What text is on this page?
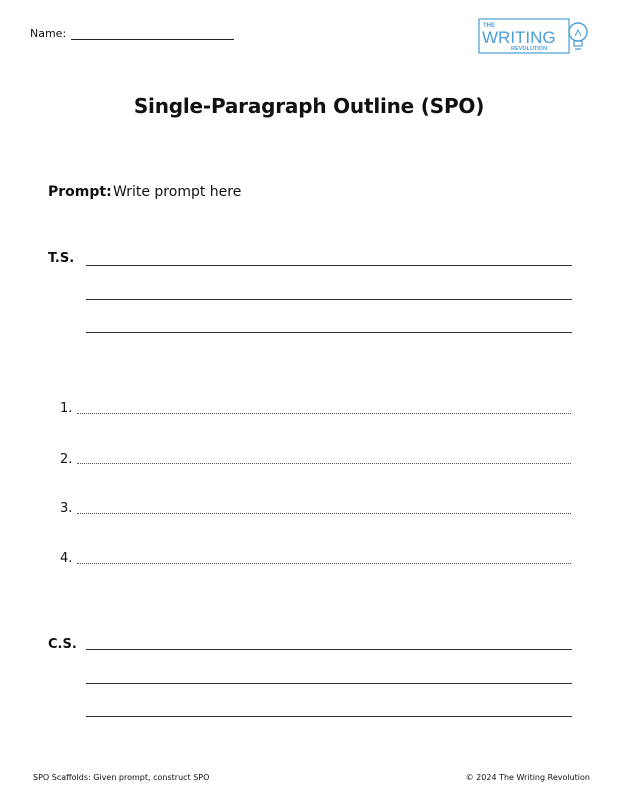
Name:
THE
WRITING
REVOLUTION
Single-Paragraph Outline (SPO)
Prompt: Write prompt here
T.S.
1.
2.
3.
4.
C.S.
SPO Scaffolds: Given prompt, construct SPO	© 2024 The Writing Revolution
